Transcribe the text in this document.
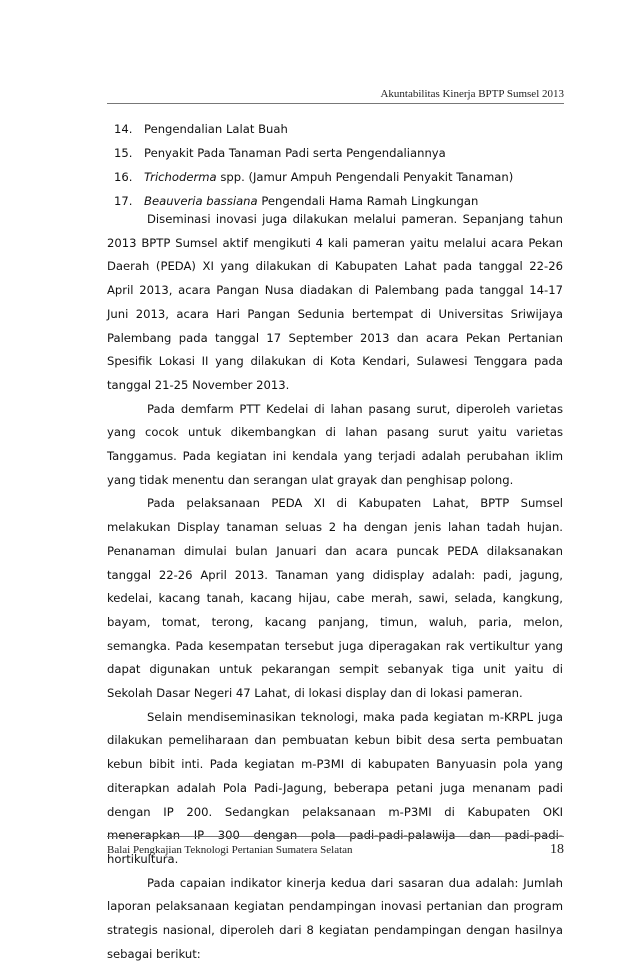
Akuntabilitas Kinerja BPTP Sumsel 2013
14. Pengendalian Lalat Buah
15. Penyakit Pada Tanaman Padi serta Pengendaliannya
16. Trichoderma spp. (Jamur Ampuh Pengendali Penyakit Tanaman)
17. Beauveria bassiana Pengendali Hama Ramah Lingkungan

Diseminasi inovasi juga dilakukan melalui pameran. Sepanjang tahun 2013 BPTP Sumsel aktif mengikuti 4 kali pameran yaitu melalui acara Pekan Daerah (PEDA) XI yang dilakukan di Kabupaten Lahat pada tanggal 22-26 April 2013, acara Pangan Nusa diadakan di Palembang pada tanggal 14-17 Juni 2013, acara Hari Pangan Sedunia bertempat di Universitas Sriwijaya Palembang pada tanggal 17 September 2013 dan acara Pekan Pertanian Spesifik Lokasi II yang dilakukan di Kota Kendari, Sulawesi Tenggara pada tanggal 21-25 November 2013.

Pada demfarm PTT Kedelai di lahan pasang surut, diperoleh varietas yang cocok untuk dikembangkan di lahan pasang surut yaitu varietas Tanggamus. Pada kegiatan ini kendala yang terjadi adalah perubahan iklim yang tidak menentu dan serangan ulat grayak dan penghisap polong.

Pada pelaksanaan PEDA XI di Kabupaten Lahat, BPTP Sumsel melakukan Display tanaman seluas 2 ha dengan jenis lahan tadah hujan. Penanaman dimulai bulan Januari dan acara puncak PEDA dilaksanakan tanggal 22-26 April 2013. Tanaman yang didisplay adalah: padi, jagung, kedelai, kacang tanah, kacang hijau, cabe merah, sawi, selada, kangkung, bayam, tomat, terong, kacang panjang, timun, waluh, paria, melon, semangka. Pada kesempatan tersebut juga diperagakan rak vertikultur yang dapat digunakan untuk pekarangan sempit sebanyak tiga unit yaitu di Sekolah Dasar Negeri 47 Lahat, di lokasi display dan di lokasi pameran.

Selain mendiseminasikan teknologi, maka pada kegiatan m-KRPL juga dilakukan pemeliharaan dan pembuatan kebun bibit desa serta pembuatan kebun bibit inti. Pada kegiatan m-P3MI di kabupaten Banyuasin pola yang diterapkan adalah Pola Padi-Jagung, beberapa petani juga menanam padi dengan IP 200. Sedangkan pelaksanaan m-P3MI di Kabupaten OKI menerapkan IP 300 dengan pola padi-padi-palawija dan padi-padi-hortikultura.

Pada capaian indikator kinerja kedua dari sasaran dua adalah: Jumlah laporan pelaksanaan kegiatan pendampingan inovasi pertanian dan program strategis nasional, diperoleh dari 8 kegiatan pendampingan dengan hasilnya sebagai berikut:

Balai Pengkajian Teknologi Pertanian Sumatera Selatan	18
